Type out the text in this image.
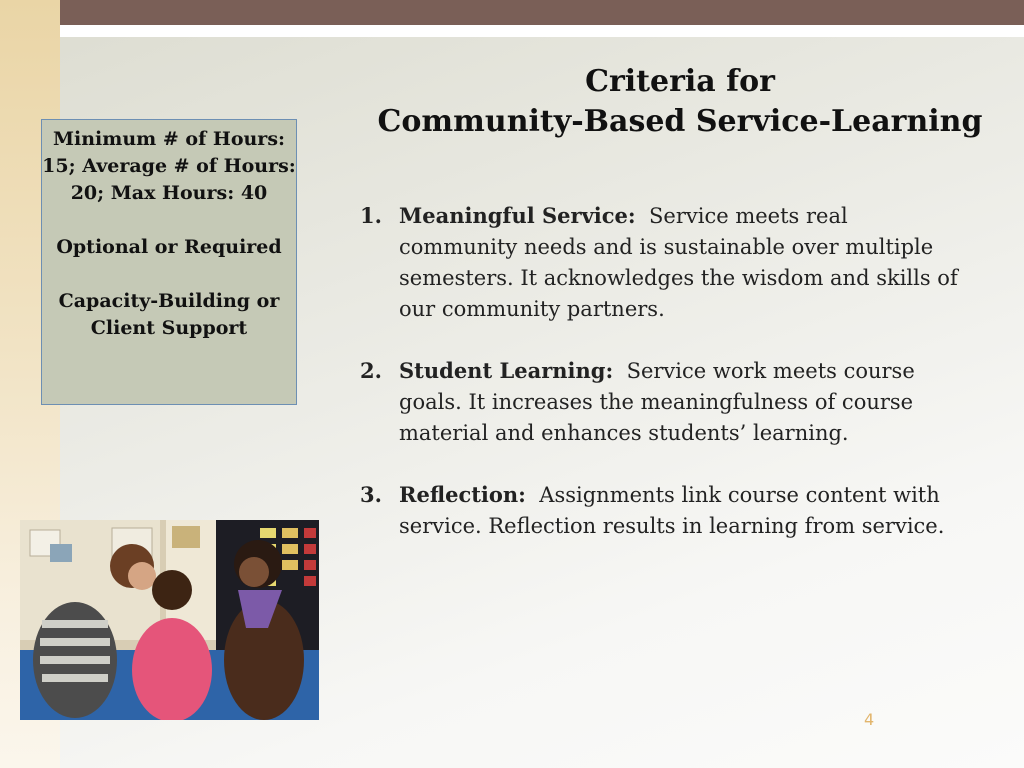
Criteria for
Community-Based Service-Learning

Minimum # of Hours: 15; Average # of Hours: 20; Max Hours: 40

Optional or Required

Capacity-Building or Client Support

1. Meaningful Service: Service meets real community needs and is sustainable over multiple semesters. It acknowledges the wisdom and skills of our community partners.
2. Student Learning: Service work meets course goals. It increases the meaningfulness of course material and enhances students’ learning.
3. Reflection: Assignments link course content with service. Reflection results in learning from service.
4
